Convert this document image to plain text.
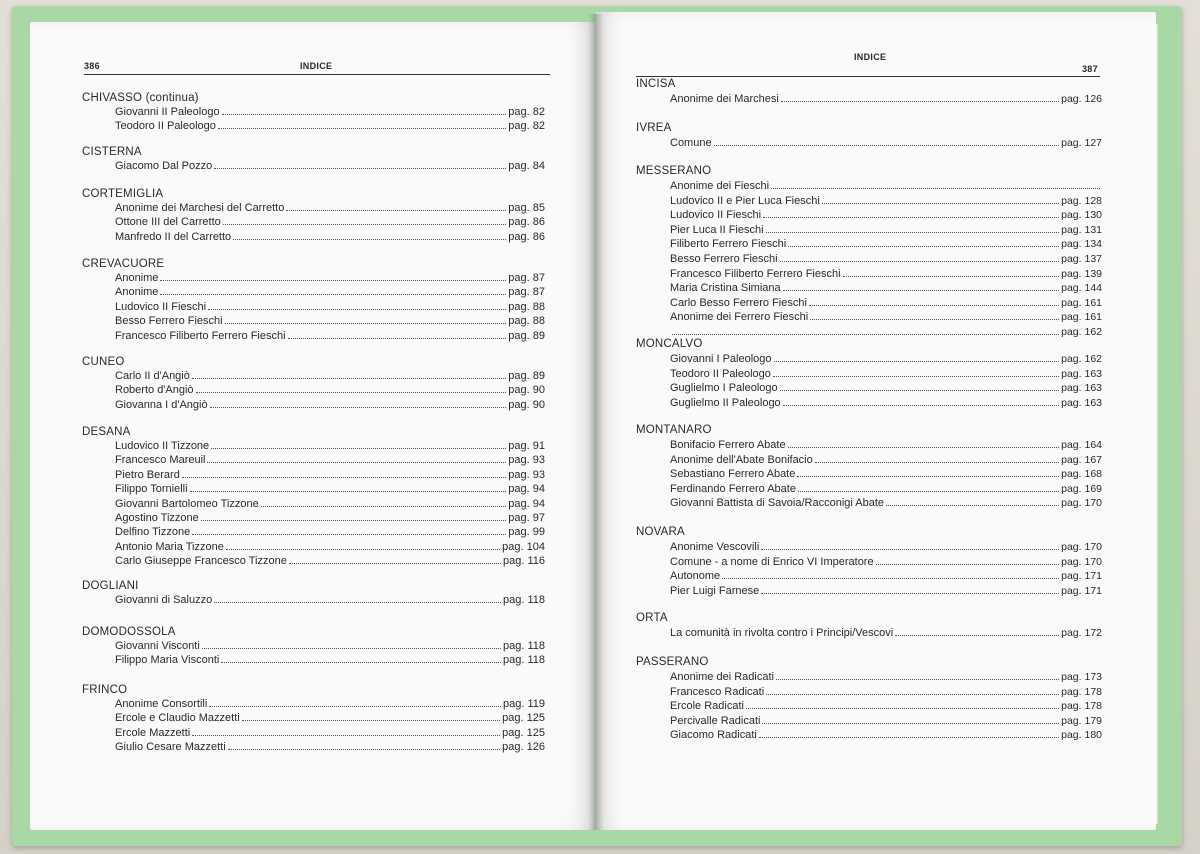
386	INDICE
CHIVASSO (continua)
Giovanni II Paleologo	pag. 82
Teodoro II Paleologo	pag. 82
CISTERNA
Giacomo Dal Pozzo	pag. 84
CORTEMIGLIA
Anonime dei Marchesi del Carretto	pag. 85
Ottone III del Carretto	pag. 86
Manfredo II del Carretto	pag. 86
CREVACUORE
Anonime	pag. 87
Anonime	pag. 87
Ludovico II Fieschi	pag. 88
Besso Ferrero Fieschi	pag. 88
Francesco Filiberto Ferrero Fieschi	pag. 89
CUNEO
Carlo II d'Angiò	pag. 89
Roberto d'Angiò	pag. 90
Giovanna I d'Angiò	pag. 90
DESANA
Ludovico II Tizzone	pag. 91
Francesco Mareuil	pag. 93
Pietro Berard	pag. 93
Filippo Tornielli	pag. 94
Giovanni Bartolomeo Tizzone	pag. 94
Agostino Tizzone	pag. 97
Delfino Tizzone	pag. 99
Antonio Maria Tizzone	pag. 104
Carlo Giuseppe Francesco Tizzone	pag. 116
DOGLIANI
Giovanni di Saluzzo	pag. 118
DOMODOSSOLA
Giovanni Visconti	pag. 118
Filippo Maria Visconti	pag. 118
FRINCO
Anonime Consortili	pag. 119
Ercole e Claudio Mazzetti	pag. 125
Ercole Mazzetti	pag. 125
Giulio Cesare Mazzetti	pag. 126
INDICE
387
INCISA
Anonime dei Marchesi	pag. 126
IVREA
Comune	pag. 127
MESSERANO
Anonime dei Fieschi
Ludovico II e Pier Luca Fieschi	pag. 128
Ludovico II Fieschi	pag. 130
Pier Luca II Fieschi	pag. 131
Filiberto Ferrero Fieschi	pag. 134
Besso Ferrero Fieschi	pag. 137
Francesco Filiberto Ferrero Fieschi	pag. 139
Maria Cristina Simiana	pag. 144
Carlo Besso Ferrero Fieschi	pag. 161
Anonime dei Ferrero Fieschi	pag. 161
pag. 162
MONCALVO
Giovanni I Paleologo	pag. 162
Teodoro II Paleologo	pag. 163
Guglielmo I Paleologo	pag. 163
Guglielmo II Paleologo	pag. 163
MONTANARO
Bonifacio Ferrero Abate	pag. 164
Anonime dell'Abate Bonifacio	pag. 167
Sebastiano Ferrero Abate	pag. 168
Ferdinando Ferrero Abate	pag. 169
Giovanni Battista di Savoia/Racconigi Abate	pag. 170
NOVARA
Anonime Vescovili	pag. 170
Comune - a nome di Enrico VI Imperatore	pag. 170
Autonome	pag. 171
Pier Luigi Farnese	pag. 171
ORTA
La comunità in rivolta contro i Principi/Vescovi	pag. 172
PASSERANO
Anonime dei Radicati	pag. 173
Francesco Radicati	pag. 178
Ercole Radicati	pag. 178
Percivalle Radicati	pag. 179
Giacomo Radicati	pag. 180
